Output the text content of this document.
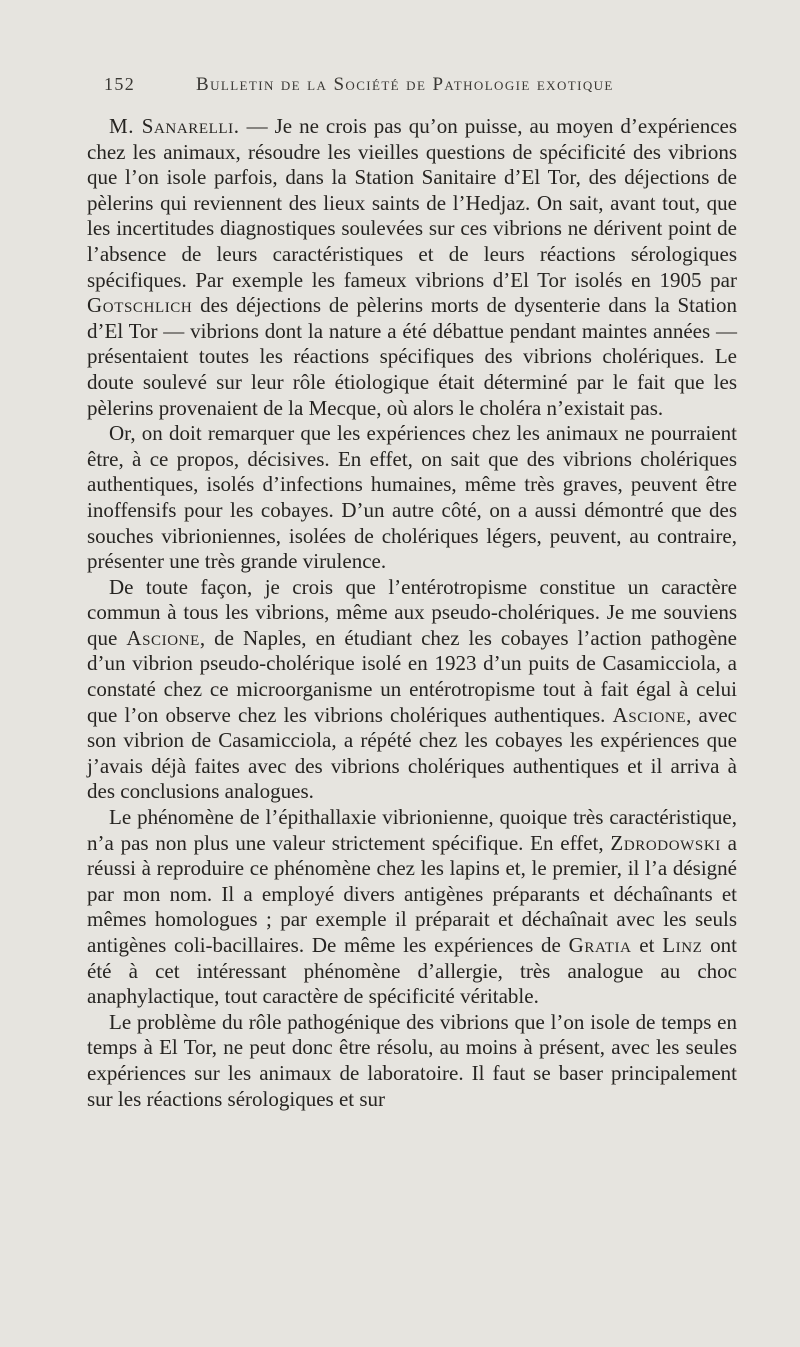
152	Bulletin de la Société de Pathologie exotique

M. Sanarelli. — Je ne crois pas qu’on puisse, au moyen d’expériences chez les animaux, résoudre les vieilles questions de spécificité des vibrions que l’on isole parfois, dans la Station Sanitaire d’El Tor, des déjections de pèlerins qui reviennent des lieux saints de l’Hedjaz. On sait, avant tout, que les incertitudes diagnostiques soulevées sur ces vibrions ne dérivent point de l’absence de leurs caractéristiques et de leurs réactions sérologiques spécifiques. Par exemple les fameux vibrions d’El Tor isolés en 1905 par Gotschlich des déjections de pèlerins morts de dysenterie dans la Station d’El Tor — vibrions dont la nature a été débattue pendant maintes années — présentaient toutes les réactions spécifiques des vibrions cholériques. Le doute soulevé sur leur rôle étiologique était déterminé par le fait que les pèlerins provenaient de la Mecque, où alors le choléra n’existait pas.

Or, on doit remarquer que les expériences chez les animaux ne pourraient être, à ce propos, décisives. En effet, on sait que des vibrions cholériques authentiques, isolés d’infections humaines, même très graves, peuvent être inoffensifs pour les cobayes. D’un autre côté, on a aussi démontré que des souches vibrioniennes, isolées de cholériques légers, peuvent, au contraire, présenter une très grande virulence.

De toute façon, je crois que l’entérotropisme constitue un caractère commun à tous les vibrions, même aux pseudo-cholériques. Je me souviens que Ascione, de Naples, en étudiant chez les cobayes l’action pathogène d’un vibrion pseudo-cholérique isolé en 1923 d’un puits de Casamicciola, a constaté chez ce microorganisme un entérotropisme tout à fait égal à celui que l’on observe chez les vibrions cholériques authentiques. Ascione, avec son vibrion de Casamicciola, a répété chez les cobayes les expériences que j’avais déjà faites avec des vibrions cholériques authentiques et il arriva à des conclusions analogues.

Le phénomène de l’épithallaxie vibrionienne, quoique très caractéristique, n’a pas non plus une valeur strictement spécifique. En effet, Zdrodowski a réussi à reproduire ce phénomène chez les lapins et, le premier, il l’a désigné par mon nom. Il a employé divers antigènes préparants et déchaînants et mêmes homologues ; par exemple il préparait et déchaînait avec les seuls antigènes coli-bacillaires. De même les expériences de Gratia et Linz ont été à cet intéressant phénomène d’allergie, très analogue au choc anaphylactique, tout caractère de spécificité véritable.

Le problème du rôle pathogénique des vibrions que l’on isole de temps en temps à El Tor, ne peut donc être résolu, au moins à présent, avec les seules expériences sur les animaux de laboratoire. Il faut se baser principalement sur les réactions sérologiques et sur
